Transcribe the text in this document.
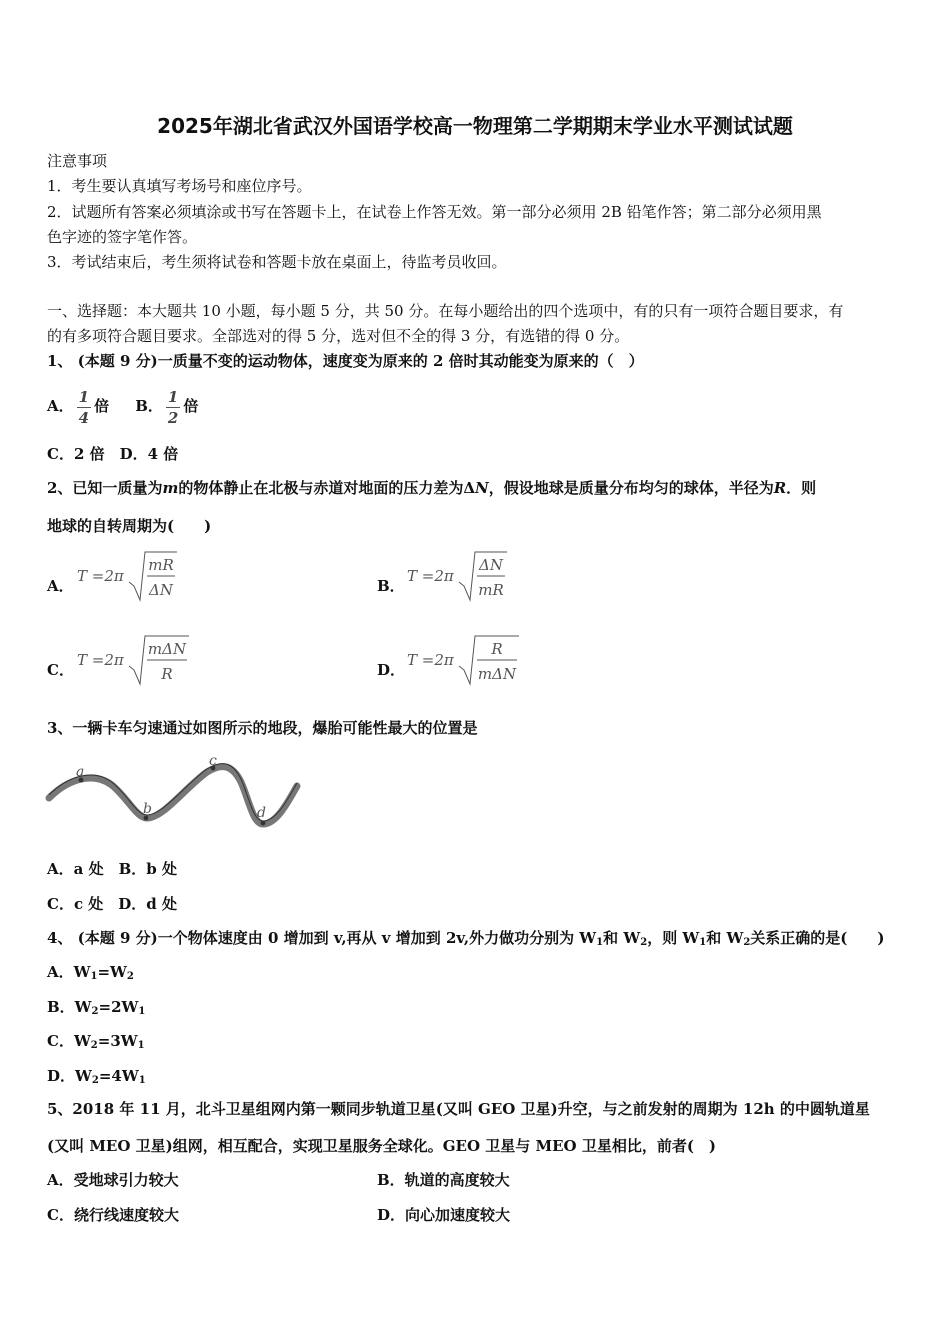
2025年湖北省武汉外国语学校高一物理第二学期期末学业水平测试试题
注意事项
1．考生要认真填写考场号和座位序号。
2．试题所有答案必须填涂或书写在答题卡上，在试卷上作答无效。第一部分必须用 2B 铅笔作答；第二部分必须用黑
色字迹的签字笔作答。
3．考试结束后，考生须将试卷和答题卡放在桌面上，待监考员收回。
一、选择题：本大题共 10 小题，每小题 5 分，共 50 分。在每小题给出的四个选项中，有的只有一项符合题目要求，有
的有多项符合题目要求。全部选对的得 5 分，选对但不全的得 3 分，有选错的得 0 分。
1、 (本题 9 分)一质量不变的运动物体，速度变为原来的 2 倍时其动能变为原来的（　）
A． $\frac{1}{4}$ 倍 B． $\frac{1}{2}$ 倍
C．2 倍　D．4 倍
2、已知一质量为m的物体静止在北极与赤道对地面的压力差为ΔN，假设地球是质量分布均匀的球体，半径为R．则
地球的自转周期为(　　)
A．
T =2π
mR
ΔN	B．
T =2π
ΔN
mR
C．
T =2π
mΔN
R	D．
T =2π
R
mΔN
3、一辆卡车匀速通过如图所示的地段，爆胎可能性最大的位置是
a
b
c
d
A．a 处　B．b 处
C．c 处　D．d 处
4、 (本题 9 分)一个物体速度由 0 增加到 v,再从 v 增加到 2v,外力做功分别为 $W_1$和 $W_2$，则 $W_1$和 $W_2$关系正确的是(　　)
A．$W_1=W_2$
B．$W_2=2W_1$
C．$W_2=3W_1$
D．$W_2=4W_1$
5、2018 年 11 月，北斗卫星组网内第一颗同步轨道卫星(又叫 GEO 卫星)升空，与之前发射的周期为 12h 的中圆轨道星
(又叫 MEO 卫星)组网，相互配合，实现卫星服务全球化。GEO 卫星与 MEO 卫星相比，前者(　)
A．受地球引力较大	B．轨道的高度较大
C．绕行线速度较大	D．向心加速度较大
